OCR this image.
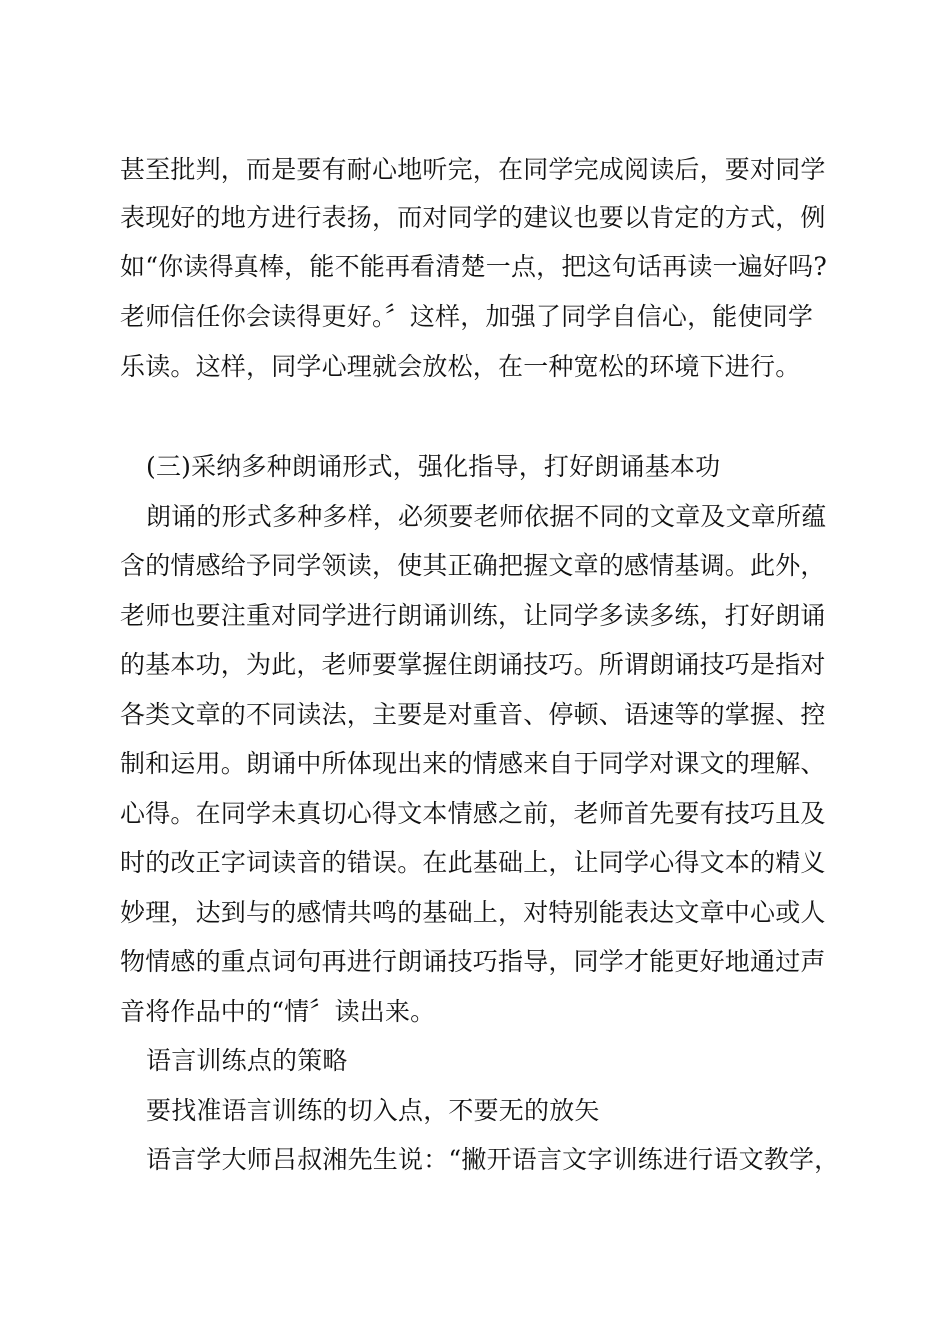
甚至批判，而是要有耐心地听完，在同学完成阅读后，要对同学
表现好的地方进行表扬，而对同学的建议也要以肯定的方式，例
如“你读得真棒，能不能再看清楚一点，把这句话再读一遍好吗?
老师信任你会读得更好。〞这样，加强了同学自信心，能使同学
乐读。这样，同学心理就会放松，在一种宽松的环境下进行。
(三)采纳多种朗诵形式，强化指导，打好朗诵基本功
朗诵的形式多种多样，必须要老师依据不同的文章及文章所蕴
含的情感给予同学领读，使其正确把握文章的感情基调。此外，
老师也要注重对同学进行朗诵训练，让同学多读多练，打好朗诵
的基本功，为此，老师要掌握住朗诵技巧。所谓朗诵技巧是指对
各类文章的不同读法，主要是对重音、停顿、语速等的掌握、控
制和运用。朗诵中所体现出来的情感来自于同学对课文的理解、
心得。在同学未真切心得文本情感之前，老师首先要有技巧且及
时的改正字词读音的错误。在此基础上，让同学心得文本的精义
妙理，达到与的感情共鸣的基础上，对特别能表达文章中心或人
物情感的重点词句再进行朗诵技巧指导，同学才能更好地通过声
音将作品中的“情〞读出来。
语言训练点的策略
要找准语言训练的切入点，不要无的放矢
语言学大师吕叔湘先生说：“撇开语言文字训练进行语文教学，
